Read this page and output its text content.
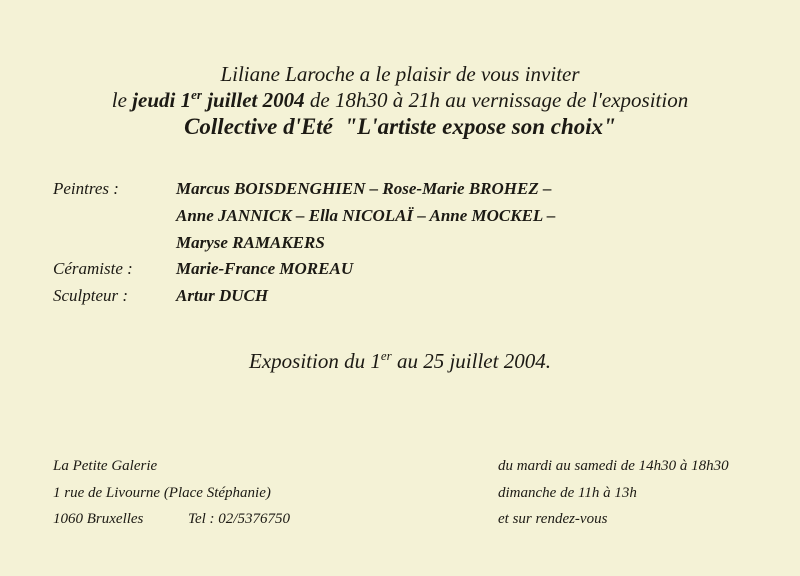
Liliane Laroche a le plaisir de vous inviter
le jeudi 1er juillet 2004 de 18h30 à 21h au vernissage de l'exposition
Collective d'Eté  "L'artiste expose son choix"
Peintres :	Marcus BOISDENGHIEN – Rose-Marie BROHEZ –
Anne JANNICK – Ella NICOLAÏ – Anne MOCKEL –
Maryse RAMAKERS
Céramiste :	Marie-France MOREAU
Sculpteur :	Artur DUCH
Exposition du 1er au 25 juillet 2004.
La Petite Galerie
1 rue de Livourne (Place Stéphanie)
1060 Bruxelles	Tel : 02/5376750
du mardi au samedi de 14h30 à 18h30
dimanche de 11h à 13h
et sur rendez-vous
